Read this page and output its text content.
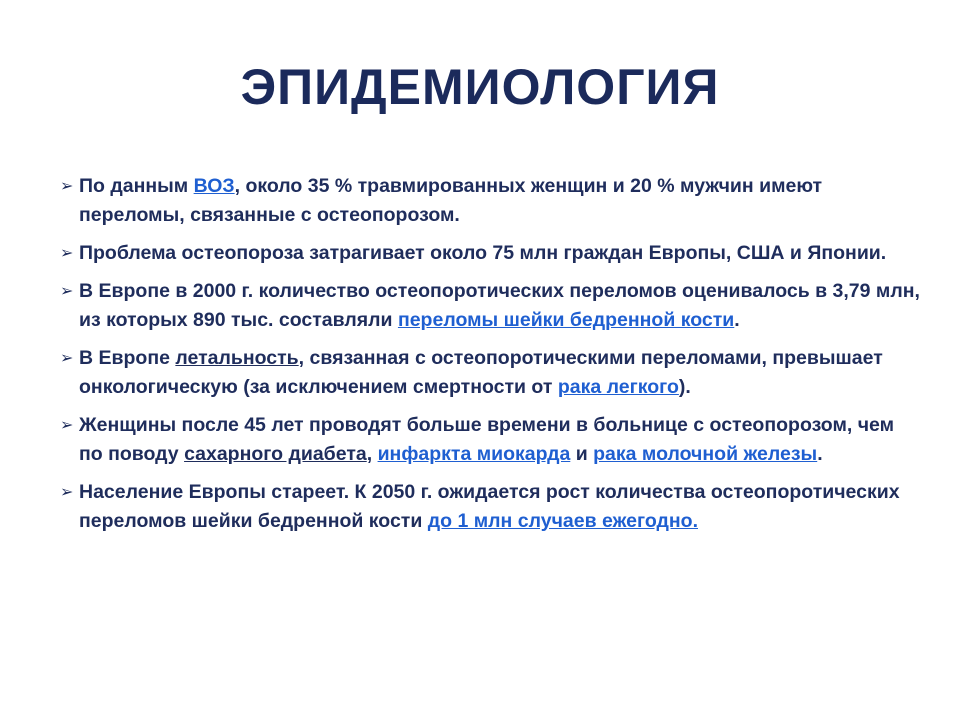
ЭПИДЕМИОЛОГИЯ
➢ По данным ВОЗ, около 35 % травмированных женщин и 20 % мужчин имеют переломы, связанные с остеопорозом.
➢ Проблема остеопороза затрагивает около 75 млн граждан Европы, США и Японии.
➢ В Европе в 2000 г. количество остеопоротических переломов оценивалось в 3,79 млн, из которых 890 тыс. составляли переломы шейки бедренной кости.
➢ В Европе летальность, связанная с остеопоротическими переломами, превышает онкологическую (за исключением смертности от рака легкого).
➢ Женщины после 45 лет проводят больше времени в больнице с остеопорозом, чем по поводу сахарного диабета, инфаркта миокарда и рака молочной железы.
➢ Население Европы стареет. К 2050 г. ожидается рост количества остеопоротических переломов шейки бедренной кости до 1 млн случаев ежегодно.
